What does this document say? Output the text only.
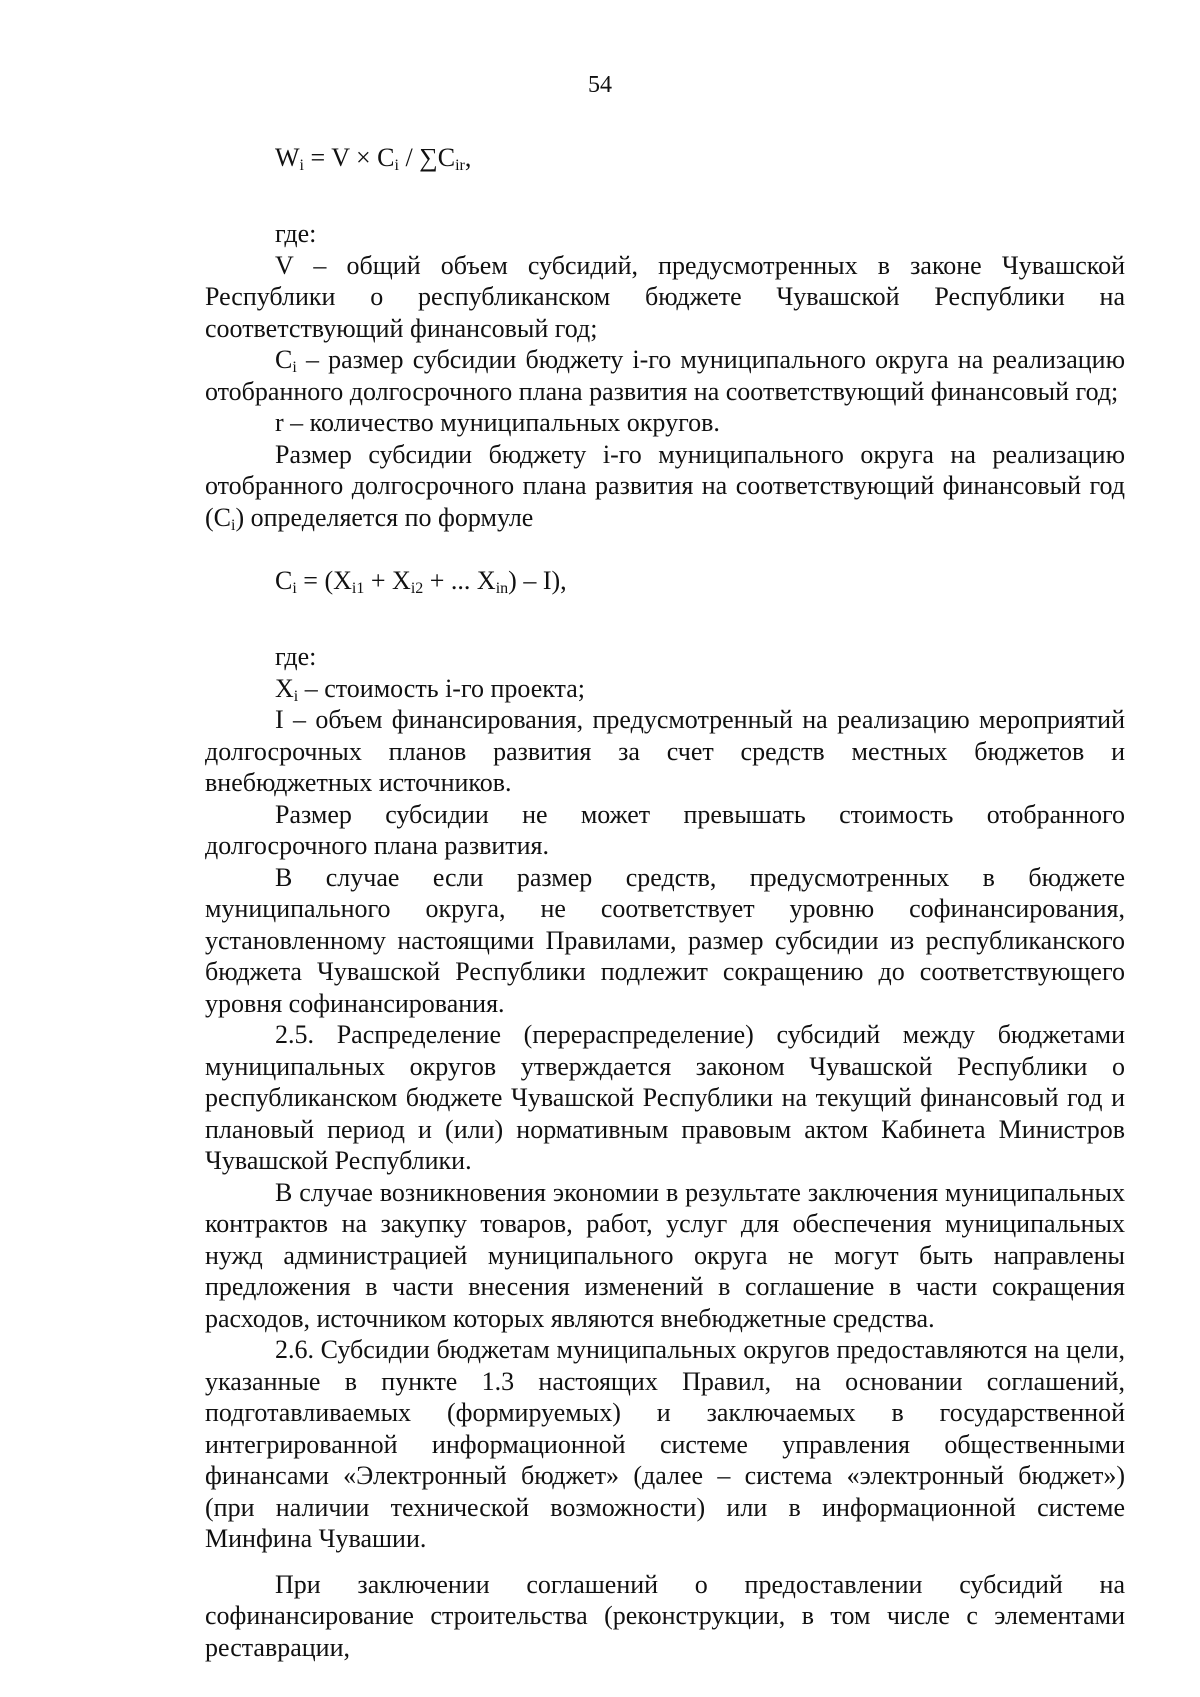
54

$W_i = V \times C_i / \sum C_{ir}$,

где:

V – общий объем субсидий, предусмотренных в законе Чувашской Республики о республиканском бюджете Чувашской Республики на соответствующий финансовый год;

$C_i$ – размер субсидии бюджету i-го муниципального округа на реализацию отобранного долгосрочного плана развития на соответствующий финансовый год;

r – количество муниципальных округов.

Размер субсидии бюджету i-го муниципального округа на реализацию отобранного долгосрочного плана развития на соответствующий финансовый год $(C_i)$ определяется по формуле

$C_i = (X_{i1} + X_{i2}$ + ... $X_{in}) - I$),

где:

$X_i$ – стоимость i-го проекта;

I – объем финансирования, предусмотренный на реализацию мероприятий долгосрочных планов развития за счет средств местных бюджетов и внебюджетных источников.

Размер субсидии не может превышать стоимость отобранного долгосрочного плана развития.

В случае если размер средств, предусмотренных в бюджете муниципального округа, не соответствует уровню софинансирования, установленному настоящими Правилами, размер субсидии из республиканского бюджета Чувашской Республики подлежит сокращению до соответствующего уровня софинансирования.

2.5. Распределение (перераспределение) субсидий между бюджетами муниципальных округов утверждается законом Чувашской Республики о республиканском бюджете Чувашской Республики на текущий финансовый год и плановый период и (или) нормативным правовым актом Кабинета Министров Чувашской Республики.

В случае возникновения экономии в результате заключения муниципальных контрактов на закупку товаров, работ, услуг для обеспечения муниципальных нужд администрацией муниципального округа не могут быть направлены предложения в части внесения изменений в соглашение в части сокращения расходов, источником которых являются внебюджетные средства.

2.6. Субсидии бюджетам муниципальных округов предоставляются на цели, указанные в пункте 1.3 настоящих Правил, на основании соглашений, подготавливаемых (формируемых) и заключаемых в государственной интегрированной информационной системе управления общественными финансами «Электронный бюджет» (далее – система «электронный бюджет») (при наличии технической возможности) или в информационной системе Минфина Чувашии.

При заключении соглашений о предоставлении субсидий на софинансирование строительства (реконструкции, в том числе с элементами реставрации,
